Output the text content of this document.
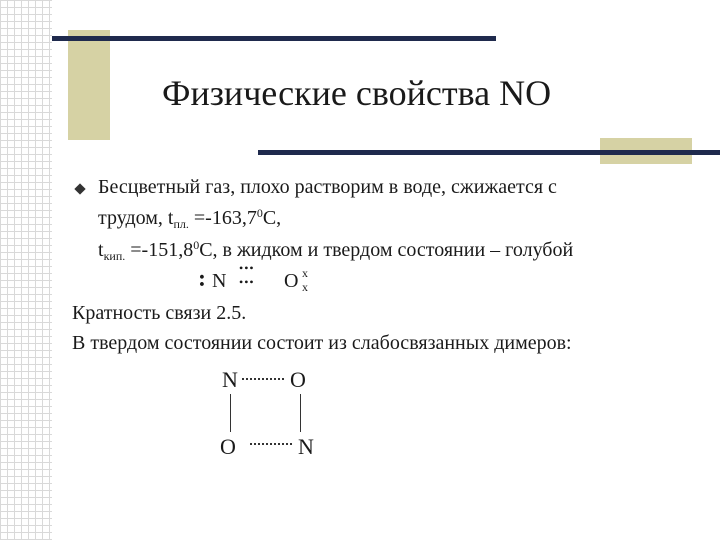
Физические свойства NO
Бесцветный газ, плохо растворим в воде, сжижается с
трудом, $t_{пл.} =-163,7^0С$,
$t_{кип.} =-151,8^0С$, в жидком и твердом состоянии – голубой
: N
•••
••• O x
x
Кратность связи 2.5.
В твердом состоянии состоит из слабосвязанных димеров:
N O
O	N
